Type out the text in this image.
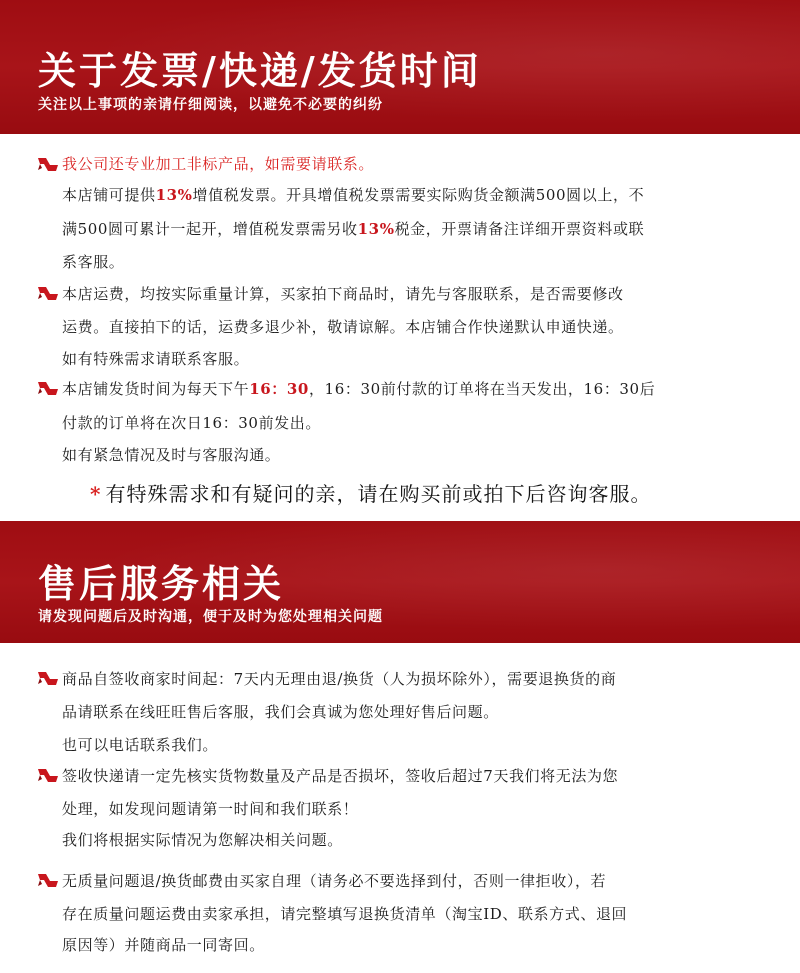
关于发票/快递/发货时间
关注以上事项的亲请仔细阅读，以避免不必要的纠纷
我公司还专业加工非标产品，如需要请联系。
本店铺可提供13%增值税发票。开具增值税发票需要实际购货金额满500圆以上，不
满500圆可累计一起开，增值税发票需另收13%税金，开票请备注详细开票资料或联
系客服。
本店运费，均按实际重量计算，买家拍下商品时，请先与客服联系，是否需要修改
运费。直接拍下的话，运费多退少补，敬请谅解。本店铺合作快递默认申通快递。
如有特殊需求请联系客服。
本店铺发货时间为每天下午16：30，16：30前付款的订单将在当天发出，16：30后
付款的订单将在次日16：30前发出。
如有紧急情况及时与客服沟通。
* 有特殊需求和有疑问的亲，请在购买前或拍下后咨询客服。
售后服务相关
请发现问题后及时沟通，便于及时为您处理相关问题
商品自签收商家时间起：7天内无理由退/换货（人为损坏除外），需要退换货的商
品请联系在线旺旺售后客服，我们会真诚为您处理好售后问题。
也可以电话联系我们。
签收快递请一定先核实货物数量及产品是否损坏，签收后超过7天我们将无法为您
处理，如发现问题请第一时间和我们联系！
我们将根据实际情况为您解决相关问题。
无质量问题退/换货邮费由买家自理（请务必不要选择到付，否则一律拒收），若
存在质量问题运费由卖家承担，请完整填写退换货清单（淘宝ID、联系方式、退回
原因等）并随商品一同寄回。
